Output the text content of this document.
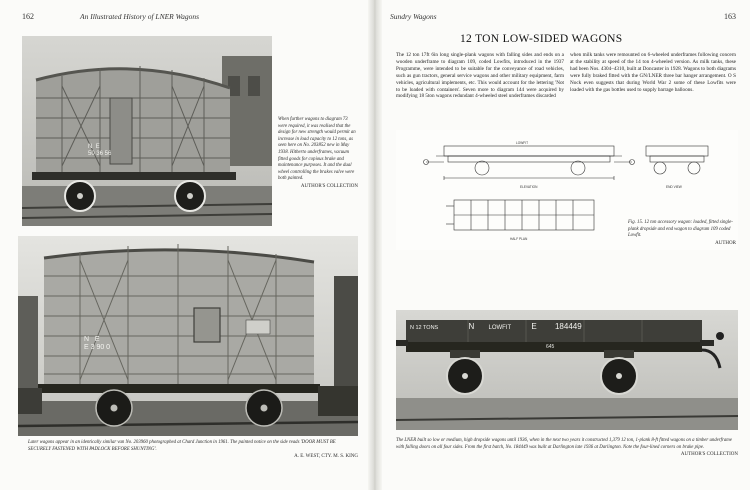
162	An Illustrated History of LNER Wagons
N E
50 36 56
When further wagons to diagram 73 were required, it was realised that the design for new strength would permit an increase in load capacity to 12 tons, as seen here on No. 203852 new in May 1938. Hitherto underframes, vacuum fitted goods for copious brake and maintenance purposes. It and the dual wheel controlling the brakes valve were both painted.
AUTHOR'S COLLECTION
N E
E 3 90 0
Later wagons appear in an identically similar van No. 203960 photographed at Chard Junction in 1961. The painted notice on the side reads 'DOOR MUST BE SECURELY FASTENED WITH PADLOCK BEFORE SHUNTING'.
A. E. WEST, CTY. M. S. KING
Sundry Wagons	163
12 TON LOW-SIDED WAGONS
The 12 ton 17ft 6in long single-plank wagons with falling sides and ends on a wooden underframe to diagram 109, coded Lowfits, introduced in the 1937 Programme, were intended to be suitable for the conveyance of road vehicles, such as gun tractors, general service wagons and other military equipment, farm vehicles, agricultural implements, etc. This would account for the lettering 'Not to be loaded with containers'. Seven more to diagram 144 were acquired by modifying 18 5ton wagons redundant 4-wheeled steel underframes discarded
when milk tanks were remounted on 6-wheeled underframes following concern at the stability at speed of the 14 ton 4-wheeled version. As milk tanks, these had been Nos. 4304–4310, built at Doncaster in 1928. Wagons to both diagrams were fully braked fitted with the GN/LNER three bar hanger arrangement. O S Nock even suggests that during World War 2 some of these Lowfits were loaded with the gas bottles used to supply barrage balloons.
LOWFIT
ELEVATION	END VIEW
HALF PLAN
Fig. 15. 12 ton accessory wagon: loaded, fitted single-plank dropside and end wagon to diagram 109 coded Lowfit.
AUTHOR
N 12 TONS	N LOWFIT	E 184449
645
The LNER built so low or medium, high dropside wagons until 1936, when in the next two years it constructed 1,379 12 ton, 1-plank 8-ft fitted wagons on a timber underframe with falling doors on all four sides. From the first batch, No. 184449 was built at Darlington late 1936 at Darlington. Note the four-lined corners on brake pipe.
AUTHOR'S COLLECTION
